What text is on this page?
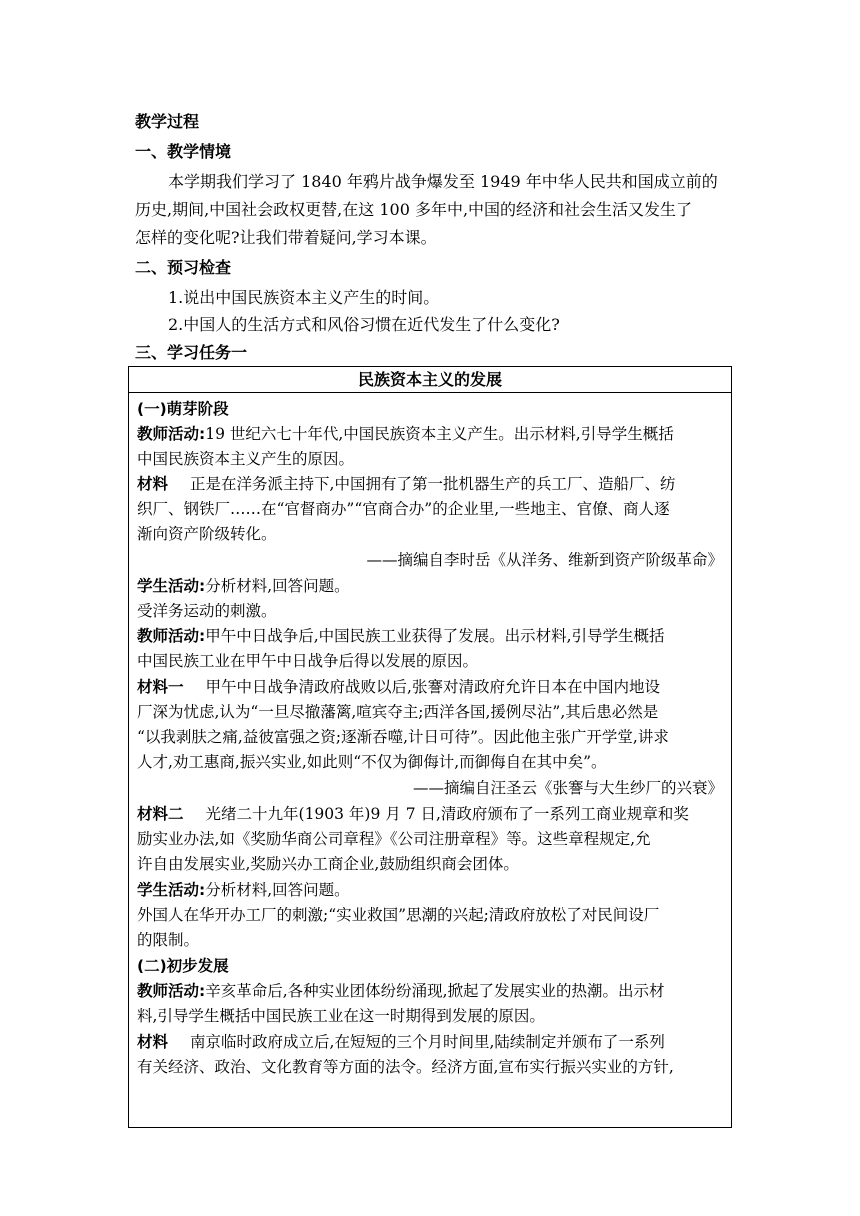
教学过程
一、教学情境
本学期我们学习了 1840 年鸦片战争爆发至 1949 年中华人民共和国成立前的
历史,期间,中国社会政权更替,在这 100 多年中,中国的经济和社会生活又发生了
怎样的变化呢?让我们带着疑问,学习本课。
二、预习检查
1.说出中国民族资本主义产生的时间。
2.中国人的生活方式和风俗习惯在近代发生了什么变化?
三、学习任务一
民族资本主义的发展
(一)萌芽阶段
教师活动:19 世纪六七十年代,中国民族资本主义产生。出示材料,引导学生概括
中国民族资本主义产生的原因。
材料 正是在洋务派主持下,中国拥有了第一批机器生产的兵工厂、造船厂、纺
织厂、钢铁厂……在“官督商办”“官商合办”的企业里,一些地主、官僚、商人逐
渐向资产阶级转化。
——摘编自李时岳《从洋务、维新到资产阶级革命》
学生活动:分析材料,回答问题。
受洋务运动的刺激。
教师活动:甲午中日战争后,中国民族工业获得了发展。出示材料,引导学生概括
中国民族工业在甲午中日战争后得以发展的原因。
材料一 甲午中日战争清政府战败以后,张謇对清政府允许日本在中国内地设
厂深为忧虑,认为“一旦尽撤藩篱,喧宾夺主;西洋各国,援例尽沾”,其后患必然是
“以我剥肤之痛,益彼富强之资;逐渐吞噬,计日可待”。因此他主张广开学堂,讲求
人才,劝工惠商,振兴实业,如此则“不仅为御侮计,而御侮自在其中矣”。
——摘编自汪圣云《张謇与大生纱厂的兴衰》
材料二 光绪二十九年(1903 年)9 月 7 日,清政府颁布了一系列工商业规章和奖
励实业办法,如《奖励华商公司章程》《公司注册章程》等。这些章程规定,允
许自由发展实业,奖励兴办工商企业,鼓励组织商会团体。
学生活动:分析材料,回答问题。
外国人在华开办工厂的刺激;“实业救国”思潮的兴起;清政府放松了对民间设厂
的限制。
(二)初步发展
教师活动:辛亥革命后,各种实业团体纷纷涌现,掀起了发展实业的热潮。出示材
料,引导学生概括中国民族工业在这一时期得到发展的原因。
材料 南京临时政府成立后,在短短的三个月时间里,陆续制定并颁布了一系列
有关经济、政治、文化教育等方面的法令。经济方面,宣布实行振兴实业的方针,
